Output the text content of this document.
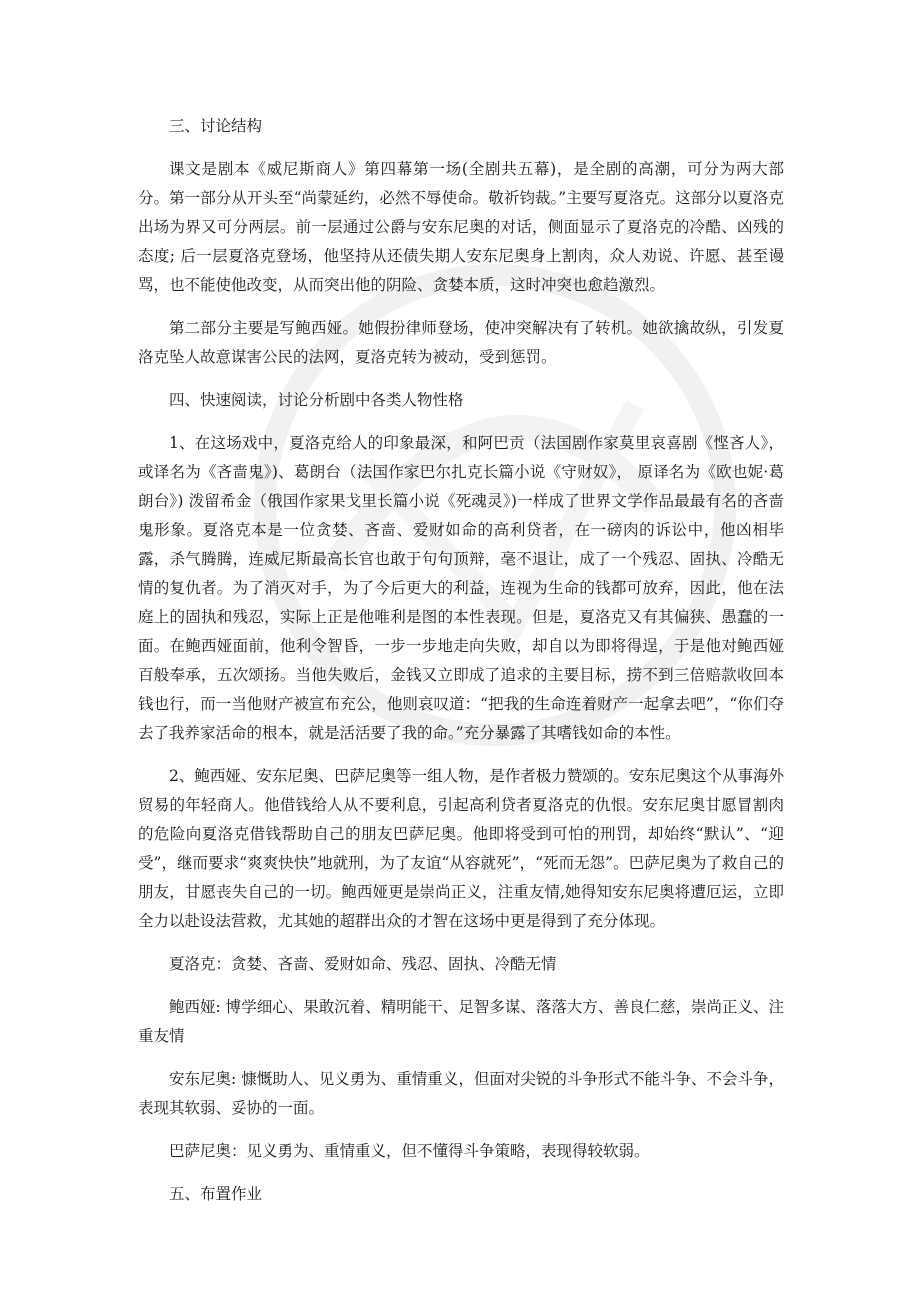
三、讨论结构

课文是剧本《威尼斯商人》第四幕第一场(全剧共五幕)，是全剧的高潮，可分为两大部分。第一部分从开头至“尚蒙延约，必然不辱使命。敬祈钧裁。”主要写夏洛克。这部分以夏洛克出场为界又可分两层。前一层通过公爵与安东尼奥的对话，侧面显示了夏洛克的冷酷、凶残的态度; 后一层夏洛克登场，他坚持从还债失期人安东尼奥身上割肉，众人劝说、许愿、甚至谩骂，也不能使他改变，从而突出他的阴险、贪婪本质，这时冲突也愈趋激烈。

第二部分主要是写鲍西娅。她假扮律师登场，使冲突解决有了转机。她欲擒故纵，引发夏洛克坠人故意谋害公民的法网，夏洛克转为被动，受到惩罚。

四、快速阅读，讨论分析剧中各类人物性格

1、在这场戏中，夏洛克给人的印象最深，和阿巴贡（法国剧作家莫里哀喜剧《悭吝人》，或译名为《吝啬鬼》)、葛朗台（法国作家巴尔扎克长篇小说《守财奴》， 原译名为《欧也妮·葛朗台》) 泼留希金（俄国作家果戈里长篇小说《死魂灵》)一样成了世界文学作品最最有名的吝啬鬼形象。夏洛克本是一位贪婪、吝啬、爱财如命的高利贷者，在一磅肉的诉讼中，他凶相毕露，杀气腾腾，连威尼斯最高长官也敢于句句顶辩，毫不退让，成了一个残忍、固执、冷酷无情的复仇者。为了消灭对手，为了今后更大的利益，连视为生命的钱都可放弃，因此，他在法庭上的固执和残忍，实际上正是他唯利是图的本性表现。但是，夏洛克又有其偏狭、愚蠢的一面。在鲍西娅面前，他利令智昏，一步一步地走向失败，却自以为即将得逞，于是他对鲍西娅百般奉承，五次颂扬。当他失败后，金钱又立即成了追求的主要目标，捞不到三倍赔款收回本钱也行，而一当他财产被宣布充公，他则哀叹道：“把我的生命连着财产一起拿去吧”，“你们夺去了我养家活命的根本，就是活活要了我的命。”充分暴露了其嗜钱如命的本性。

2、鲍西娅、安东尼奥、巴萨尼奥等一组人物，是作者极力赞颂的。安东尼奥这个从事海外贸易的年轻商人。他借钱给人从不要利息，引起高利贷者夏洛克的仇恨。安东尼奥甘愿冒割肉的危险向夏洛克借钱帮助自己的朋友巴萨尼奥。他即将受到可怕的刑罚，却始终“默认”、“迎受”，继而要求“爽爽快快”地就刑，为了友谊“从容就死”，“死而无怨”。巴萨尼奥为了救自己的朋友，甘愿丧失自己的一切。鲍西娅更是崇尚正义，注重友情,她得知安东尼奥将遭厄运，立即全力以赴设法营救，尤其她的超群出众的才智在这场中更是得到了充分体现。

夏洛克：贪婪、吝啬、爱财如命、残忍、固执、冷酷无情

鲍西娅: 博学细心、果敢沉着、精明能干、足智多谋、落落大方、善良仁慈，崇尚正义、注重友情

安东尼奥: 慷慨助人、见义勇为、重情重义，但面对尖锐的斗争形式不能斗争、不会斗争，表现其软弱、妥协的一面。

巴萨尼奥：见义勇为、重情重义，但不懂得斗争策略，表现得较软弱。

五、布置作业
